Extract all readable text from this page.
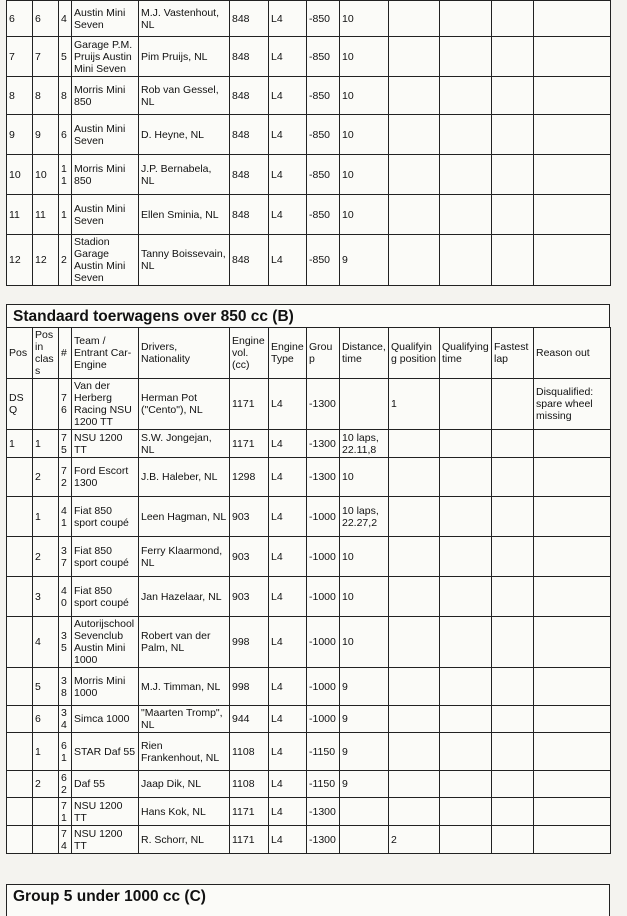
6	6	4	Austin Mini Seven	M.J. Vastenhout, NL	848	L4	-850	10				
7	7	5	Garage P.M. Pruijs Austin Mini Seven	Pim Pruijs, NL	848	L4	-850	10				
8	8	8	Morris Mini 850	Rob van Gessel, NL	848	L4	-850	10				
9	9	6	Austin Mini Seven	D. Heyne, NL	848	L4	-850	10				
10	10	11	Morris Mini 850	J.P. Bernabela, NL	848	L4	-850	10				
11	11	1	Austin Mini Seven	Ellen Sminia, NL	848	L4	-850	10				
12	12	2	Stadion Garage Austin Mini Seven	Tanny Boissevain, NL	848	L4	-850	9				
Standaard toerwagens over 850 cc (B)
Pos	Pos in class	#	Team / Entrant Car- Engine	Drivers, Nationality	Engine vol. (cc)	Engine Type	Group	Distance, time	Qualifying position	Qualifying time	Fastest lap	Reason out
DSQ		76	Van der Herberg Racing NSU 1200 TT	Herman Pot ("Cento"), NL	1171	L4	-1300		1			Disqualified: spare wheel missing
1	1	75	NSU 1200 TT	S.W. Jongejan, NL	1171	L4	-1300	10 laps, 22.11,8				
	2	72	Ford Escort 1300	J.B. Haleber, NL	1298	L4	-1300	10				
	1	41	Fiat 850 sport coupé	Leen Hagman, NL	903	L4	-1000	10 laps, 22.27,2				
	2	37	Fiat 850 sport coupé	Ferry Klaarmond, NL	903	L4	-1000	10				
	3	40	Fiat 850 sport coupé	Jan Hazelaar, NL	903	L4	-1000	10				
	4	35	Autorijschool Sevenclub Austin Mini 1000	Robert van der Palm, NL	998	L4	-1000	10				
	5	38	Morris Mini 1000	M.J. Timman, NL	998	L4	-1000	9				
	6	34	Simca 1000	"Maarten Tromp", NL	944	L4	-1000	9				
	1	61	STAR Daf 55	Rien Frankenhout, NL	1108	L4	-1150	9				
	2	62	Daf 55	Jaap Dik, NL	1108	L4	-1150	9				
		71	NSU 1200 TT	Hans Kok, NL	1171	L4	-1300					
		74	NSU 1200 TT	R. Schorr, NL	1171	L4	-1300		2			
Group 5 under 1000 cc (C)
